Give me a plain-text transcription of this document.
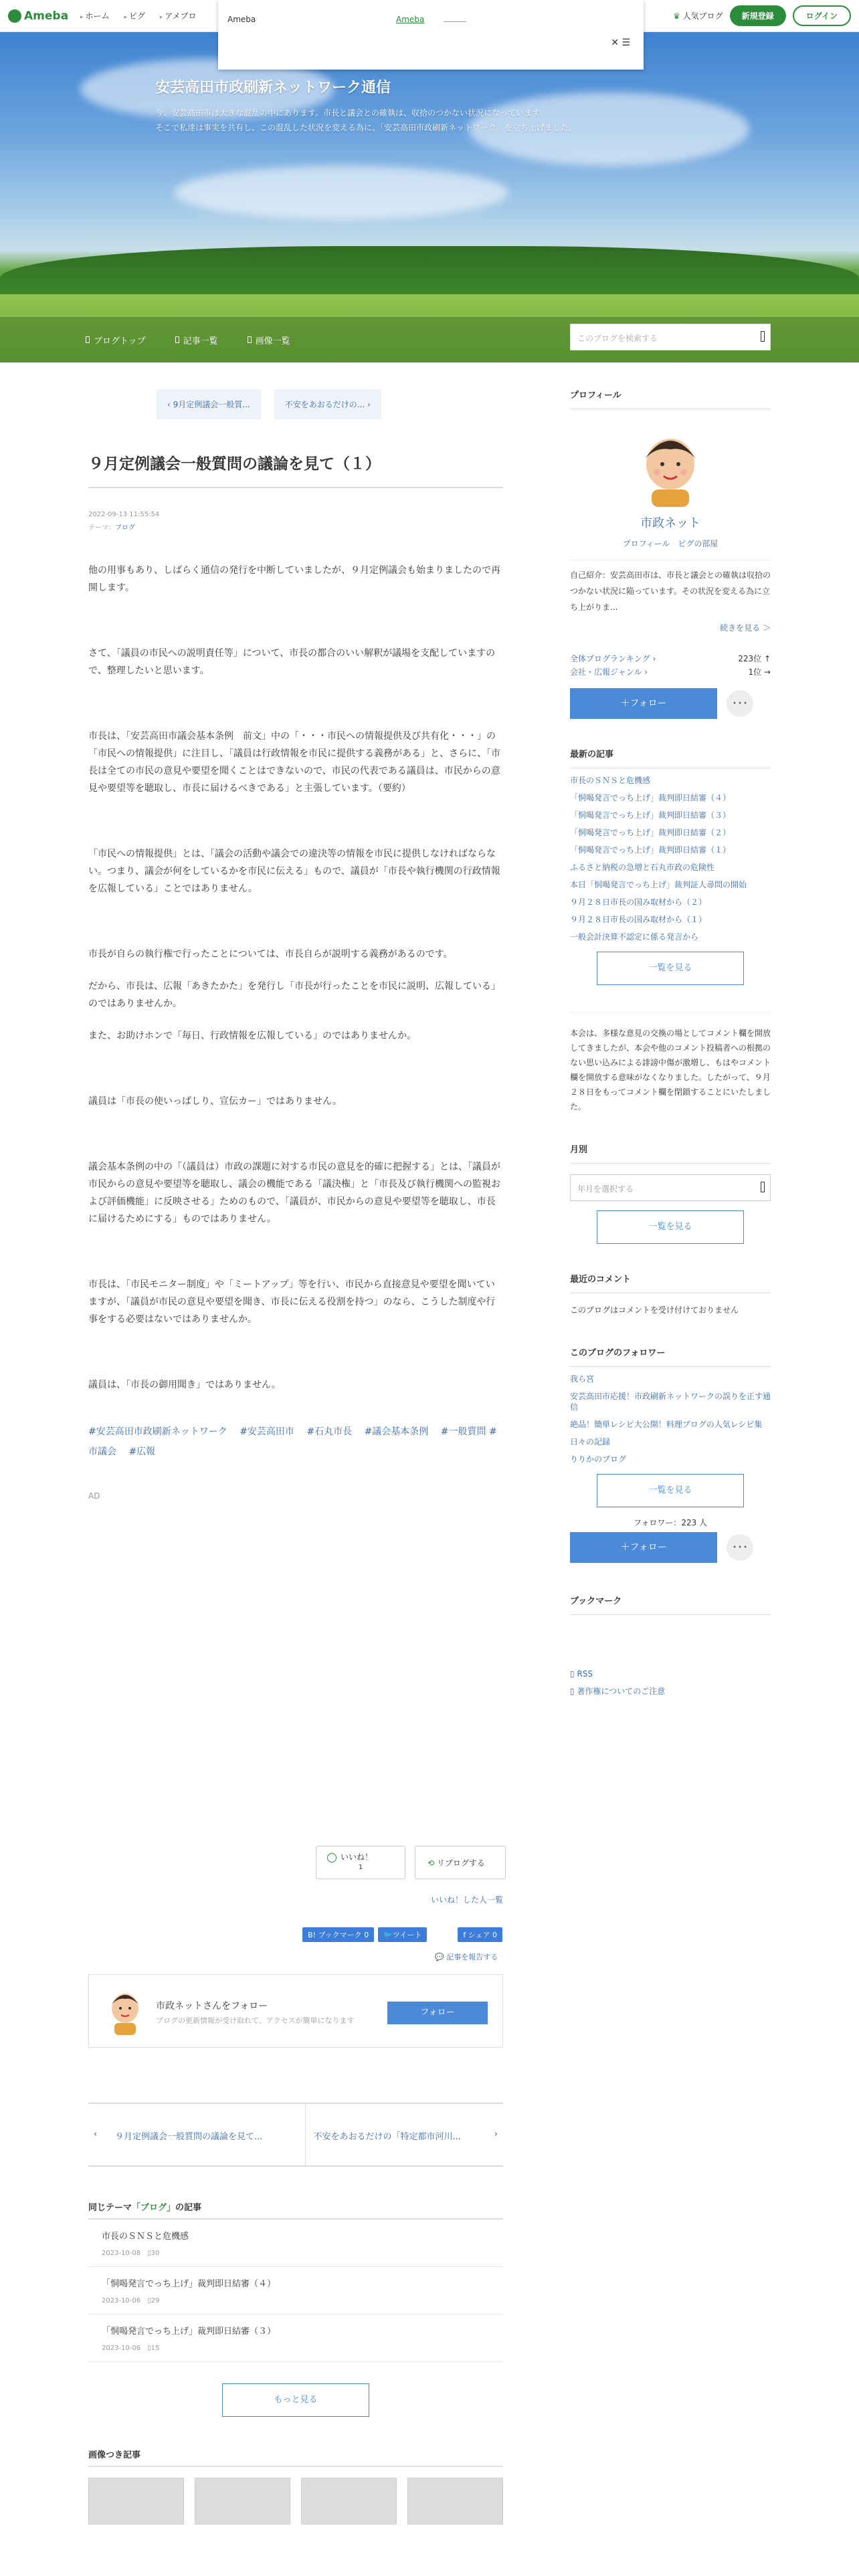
Ameba	▸ ホーム	▸ ピグ	▸ アメブロ	♛ 人気ブログ	新規登録	ログイン
Ameba	Ameba
✕ ☰
安芸高田市政刷新ネットワーク通信
今、安芸高田市は大きな混乱の中にあります。市長と議会との確執は、収拾のつかない状況になっています。
そこで私達は事実を共有し、この混乱した状況を変える為に、「安芸高田市政刷新ネットワーク」を立ち上げました。
ブログトップ	記事一覧	画像一覧	このブログを検索する
‹ 9月定例議会一般質...	不安をあおるだけの... ›
９月定例議会一般質問の議論を見て（１）
2022-09-13 11:55:54
テーマ：ブログ

他の用事もあり、しばらく通信の発行を中断していましたが、９月定例議会も始まりましたので再開します。

さて、「議員の市民への説明責任等」について、市長の都合のいい解釈が議場を支配していますので、整理したいと思います。

市長は、「安芸高田市議会基本条例　前文」中の「・・・市民への情報提供及び共有化・・・」の「市民への情報提供」に注目し、「議員は行政情報を市民に提供する義務がある」と、さらに、「市長は全ての市民の意見や要望を聞くことはできないので、市民の代表である議員は、市民からの意見や要望等を聴取し、市長に届けるべきである」と主張しています。（要約）

「市民への情報提供」とは、「議会の活動や議会での違決等の情報を市民に提供しなければならない。つまり、議会が何をしているかを市民に伝える」もので、議員が「市長や執行機関の行政情報を広報している」ことではありません。

市長が自らの執行権で行ったことについては、市長自らが説明する義務があるのです。

だから、市長は、広報「あきたかた」を発行し「市長が行ったことを市民に説明、広報している」のではありませんか。

また、お助けホンで「毎日、行政情報を広報している」のではありませんか。

議員は「市長の使いっぱしり、宣伝カー」ではありません。

議会基本条例の中の「（議員は）市政の課題に対する市民の意見を的確に把握する」とは、「議員が市民からの意見や要望等を聴取し、議会の機能である「議決権」と「市長及び執行機関への監視および評価機能」に反映させる」ためのもので、「議員が、市民からの意見や要望等を聴取し、市長に届けるためにする」ものではありません。

市長は、「市民モニター制度」や「ミートアップ」等を行い、市民から直接意見や要望を聞いていますが、「議員が市民の意見や要望を聞き、市長に伝える役割を持つ」のなら、こうした制度や行事をする必要はないではありませんか。

議員は、「市長の御用聞き」ではありません。

#安芸高田市政刷新ネットワーク　 #安芸高田市　 #石丸市長　 #議会基本条例　 #一般質問 #市議会　 #広報
AD
いいね！
1	⟲ リブログする
いいね！した人一覧
B! ブックマーク 0	🐦ツイート	f シェア 0
💬 記事を報告する
市政ネットさんをフォロー
ブログの更新情報が受け取れて、アクセスが簡単になります
フォロー
‹ ９月定例議会一般質問の議論を見て...	不安をあおるだけの「特定都市河川...	›
同じテーマ「ブログ」の記事
市長のＳＮＳと危機感
2023-10-08　 ▯30
「恫喝発言でっち上げ」裁判即日結審（４）
2023-10-06　 ▯29
「恫喝発言でっち上げ」裁判即日結審（３）
2023-10-06　 ▯15
もっと見る
画像つき記事
プロフィール
市政ネット
プロフィール　ピグの部屋
自己紹介：安芸高田市は、市長と議会との確執は収拾のつかない状況に陥っています。その状況を変える為に立ち上がりま...
続きを見る ＞
全体ブログランキング ›	223位 ↑
会社・広報ジャンル ›	1位 →
＋フォロー	･･･
最新の記事
市長のＳＮＳと危機感
「恫喝発言でっち上げ」裁判即日結審（４）
「恫喝発言でっち上げ」裁判即日結審（３）
「恫喝発言でっち上げ」裁判即日結審（２）
「恫喝発言でっち上げ」裁判即日結審（１）
ふるさと納税の急増と石丸市政の危険性
本日「恫喝発言でっち上げ」裁判証人尋問の開始
９月２８日市長の国み取材から（２）
９月２８日市長の国み取材から（１）
一般会計決算不認定に係る発言から
一覧を見る
本会は、多様な意見の交換の場としてコメント欄を開放してきましたが、本会や他のコメント投稿者への根拠のない思い込みによる誹謗中傷が激増し、もはやコメント欄を開放する意味がなくなりました。したがって、９月２８日をもってコメント欄を閉鎖することにいたしました。
月別
年月を選択する
一覧を見る
最近のコメント
このブログはコメントを受け付けておりません
このブログのフォロワー
我ら宮
安芸高田市応援！市政刷新ネットワークの誤りを正す通信
絶品！簡単レシピ大公開！料理ブログの人気レシピ集
日々の記録
りりかのブログ
一覧を見る
フォロワー：223 人
＋フォロー	･･･
ブックマーク
▯ RSS
▯ 著作権についてのご注意
